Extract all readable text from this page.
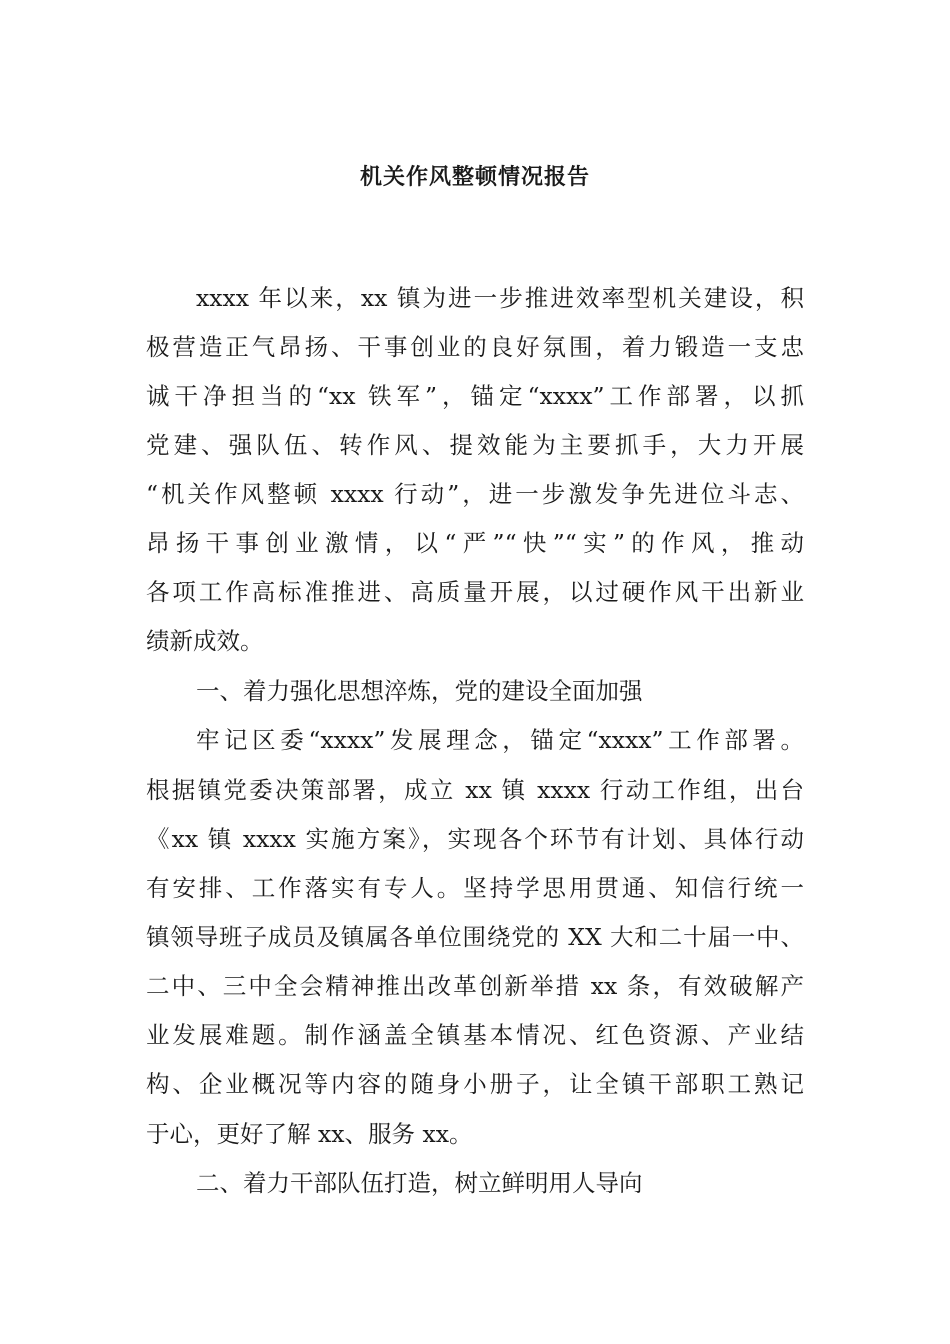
机关作风整顿情况报告

xxxx 年以来，xx 镇为进一步推进效率型机关建设，积

极营造正气昂扬、干事创业的良好氛围，着力锻造一支忠

诚干净担当的“xx 铁军”，锚定“xxxx”工作部署，以抓

党建、强队伍、转作风、提效能为主要抓手，大力开展

“机关作风整顿 xxxx 行动”，进一步激发争先进位斗志、

昂扬干事创业激情，以“严”“快”“实”的作风，推动

各项工作高标准推进、高质量开展，以过硬作风干出新业

绩新成效。

一、着力强化思想淬炼，党的建设全面加强

牢记区委“xxxx”发展理念，锚定“xxxx”工作部署。

根据镇党委决策部署，成立 xx 镇 xxxx 行动工作组，出台

《xx 镇 xxxx 实施方案》，实现各个环节有计划、具体行动

有安排、工作落实有专人。坚持学思用贯通、知信行统一

镇领导班子成员及镇属各单位围绕党的 XX 大和二十届一中、

二中、三中全会精神推出改革创新举措 xx 条，有效破解产

业发展难题。制作涵盖全镇基本情况、红色资源、产业结

构、企业概况等内容的随身小册子，让全镇干部职工熟记

于心，更好了解 xx、服务 xx。

二、着力干部队伍打造，树立鲜明用人导向
